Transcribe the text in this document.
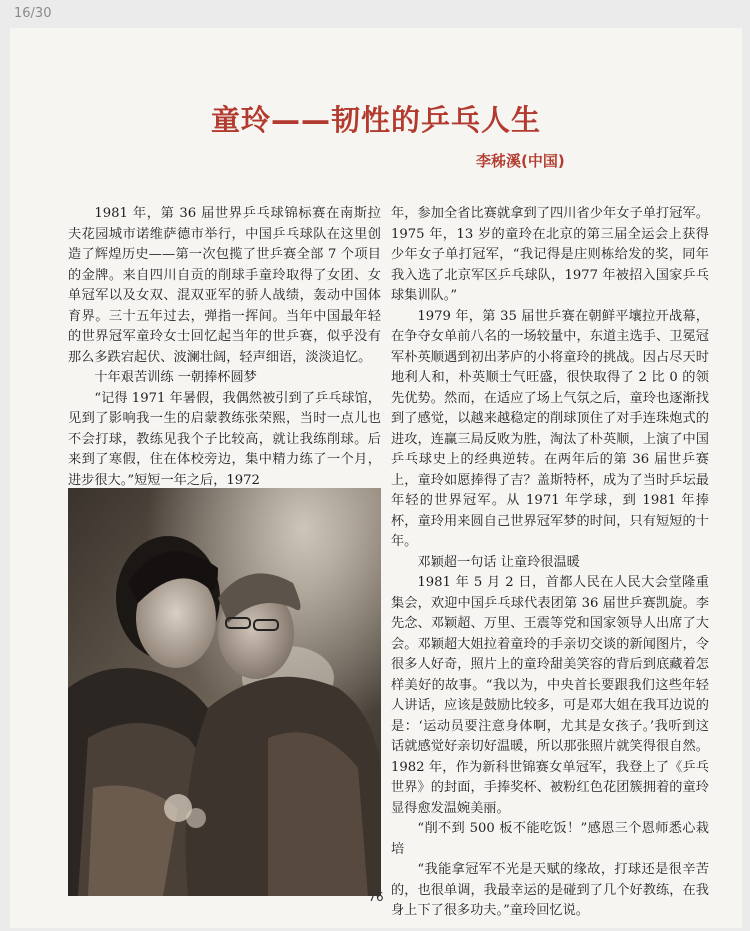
16/30
童玲——韧性的乒乓人生
李秭溪(中国)

1981 年，第 36 届世界乒乓球锦标赛在南斯拉夫花园城市诺维萨德市举行，中国乒乓球队在这里创造了辉煌历史——第一次包揽了世乒赛全部 7 个项目的金牌。来自四川自贡的削球手童玲取得了女团、女单冠军以及女双、混双亚军的骄人战绩，轰动中国体育界。三十五年过去，弹指一挥间。当年中国最年轻的世界冠军童玲女士回忆起当年的世乒赛，似乎没有那么多跌宕起伏、波澜壮阔，轻声细语，淡淡追忆。

十年艰苦训练 一朝捧杯圆梦

“记得 1971 年暑假，我偶然被引到了乒乓球馆，见到了影响我一生的启蒙教练张荣熙，当时一点儿也不会打球，教练见我个子比较高，就让我练削球。后来到了寒假，住在体校旁边，集中精力练了一个月，进步很大。”短短一年之后，1972

年，参加全省比赛就拿到了四川省少年女子单打冠军。1975 年，13 岁的童玲在北京的第三届全运会上获得少年女子单打冠军，“我记得是庄则栋给发的奖，同年我入选了北京军区乒乓球队，1977 年被招入国家乒乓球集训队。”

1979 年，第 35 届世乒赛在朝鲜平壤拉开战幕，在争夺女单前八名的一场较量中，东道主选手、卫冕冠军朴英顺遇到初出茅庐的小将童玲的挑战。因占尽天时地利人和，朴英顺士气旺盛，很快取得了 2 比 0 的领先优势。然而，在适应了场上气氛之后，童玲也逐渐找到了感觉，以越来越稳定的削球顶住了对手连珠炮式的进攻，连赢三局反败为胜，淘汰了朴英顺，上演了中国乒乓球史上的经典逆转。在两年后的第 36 届世乒赛上，童玲如愿捧得了吉？盖斯特杯，成为了当时乒坛最年轻的世界冠军。从 1971 年学球，到 1981 年捧杯，童玲用来圆自己世界冠军梦的时间，只有短短的十年。

邓颖超一句话 让童玲很温暖

1981 年 5 月 2 日，首都人民在人民大会堂隆重集会，欢迎中国乒乓球代表团第 36 届世乒赛凯旋。李先念、邓颖超、万里、王震等党和国家领导人出席了大会。邓颖超大姐拉着童玲的手亲切交谈的新闻图片，令很多人好奇，照片上的童玲甜美笑容的背后到底藏着怎样美好的故事。“我以为，中央首长要跟我们这些年轻人讲话，应该是鼓励比较多，可是邓大姐在我耳边说的是：‘运动员要注意身体啊，尤其是女孩子。’我听到这话就感觉好亲切好温暖，所以那张照片就笑得很自然。1982 年，作为新科世锦赛女单冠军，我登上了《乒乓世界》的封面，手捧奖杯、被粉红色花团簇拥着的童玲显得愈发温婉美丽。

“削不到 500 板不能吃饭！”感恩三个恩师悉心栽培

“我能拿冠军不光是天赋的缘故，打球还是很辛苦的，也很单调，我最幸运的是碰到了几个好教练，在我身上下了很多功夫。”童玲回忆说。

76
